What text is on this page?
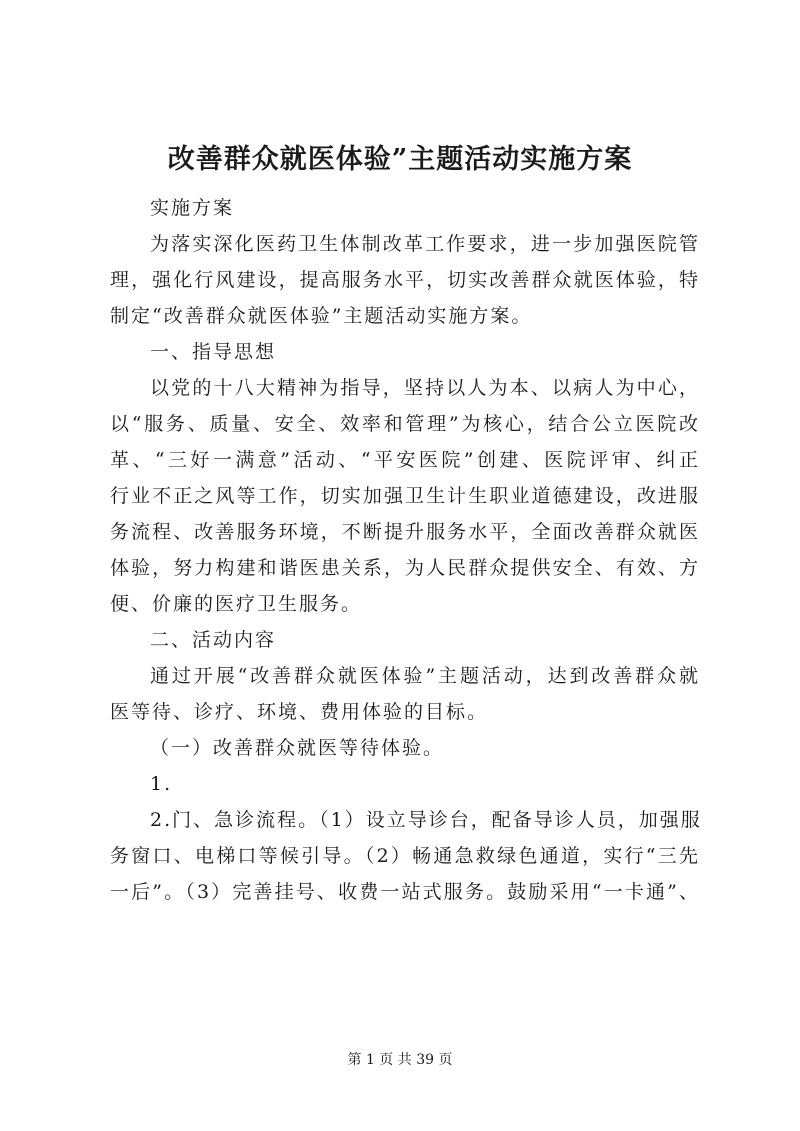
改善群众就医体验”主题活动实施方案
实施方案
为落实深化医药卫生体制改革工作要求，进一步加强医院管
理，强化行风建设，提高服务水平，切实改善群众就医体验，特
制定“改善群众就医体验”主题活动实施方案。
一、指导思想
以党的十八大精神为指导，坚持以人为本、以病人为中心，
以“服务、质量、安全、效率和管理”为核心，结合公立医院改
革、“三好一满意”活动、“平安医院”创建、医院评审、纠正
行业不正之风等工作，切实加强卫生计生职业道德建设，改进服
务流程、改善服务环境，不断提升服务水平，全面改善群众就医
体验，努力构建和谐医患关系，为人民群众提供安全、有效、方
便、价廉的医疗卫生服务。
二、活动内容
通过开展“改善群众就医体验”主题活动，达到改善群众就
医等待、诊疗、环境、费用体验的目标。
（一）改善群众就医等待体验。
1.
2.门、急诊流程。（1）设立导诊台，配备导诊人员，加强服
务窗口、电梯口等候引导。（2）畅通急救绿色通道，实行“三先
一后”。（3）完善挂号、收费一站式服务。鼓励采用“一卡通”、
第 1 页 共 39 页
